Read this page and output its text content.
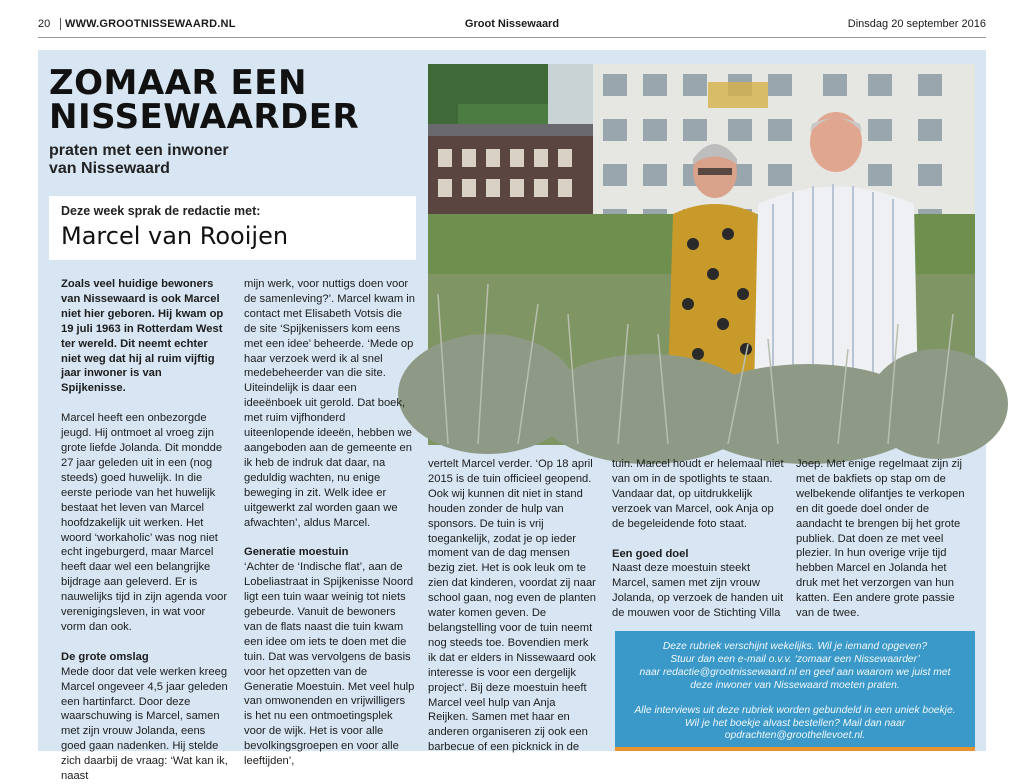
20	WWW.GROOTNISSEWAARD.NL	Groot Nissewaard	Dinsdag 20 september 2016
ZOMAAR EEN
NISSEWAARDER
praten met een inwoner
van Nissewaard
Deze week sprak de redactie met:
Marcel van Rooijen

Zoals veel huidige bewoners van Nissewaard is ook Marcel niet hier geboren. Hij kwam op 19 juli 1963 in Rotterdam West ter wereld. Dit neemt echter niet weg dat hij al ruim vijftig jaar inwoner is van Spijkenisse.

Marcel heeft een onbezorgde jeugd. Hij ontmoet al vroeg zijn grote liefde Jolanda. Dit mondde 27 jaar geleden uit in een (nog steeds) goed huwelijk. In die eerste periode van het huwelijk bestaat het leven van Marcel hoofdzakelijk uit werken. Het woord ‘workaholic’ was nog niet echt ingeburgerd, maar Marcel heeft daar wel een belangrijke bijdrage aan geleverd. Er is nauwelijks tijd in zijn agenda voor verenigingsleven, in wat voor vorm dan ook.

De grote omslag

Mede door dat vele werken kreeg Marcel ongeveer 4,5 jaar geleden een hartinfarct. Door deze waarschuwing is Marcel, samen met zijn vrouw Jolanda, eens goed gaan nadenken. Hij stelde zich daarbij de vraag: ‘Wat kan ik, naast

mijn werk, voor nuttigs doen voor de samenleving?’. Marcel kwam in contact met Elisabeth Votsis die de site ‘Spijkenissers kom eens met een idee’ beheerde. ‘Mede op haar verzoek werd ik al snel medebeheerder van die site. Uiteindelijk is daar een ideeënboek uit gerold. Dat boek, met ruim vijfhonderd uiteenlopende ideeën, hebben we aangeboden aan de gemeente en ik heb de indruk dat daar, na geduldig wachten, nu enige beweging in zit. Welk idee er uitgewerkt zal worden gaan we afwachten’, aldus Marcel.

Generatie moestuin

‘Achter de ‘Indische flat’, aan de Lobeliastraat in Spijkenisse Noord ligt een tuin waar weinig tot niets gebeurde. Vanuit de bewoners van de flats naast die tuin kwam een idee om iets te doen met die tuin. Dat was vervolgens de basis voor het opzetten van de Generatie Moestuin. Met veel hulp van omwonenden en vrijwilligers is het nu een ontmoetingsplek voor de wijk. Het is voor alle bevolkingsgroepen en voor alle leeftijden’,

vertelt Marcel verder. ‘Op 18 april 2015 is de tuin officieel geopend. Ook wij kunnen dit niet in stand houden zonder de hulp van sponsors. De tuin is vrij toegankelijk, zodat je op ieder moment van de dag mensen bezig ziet. Het is ook leuk om te zien dat kinderen, voordat zij naar school gaan, nog even de planten water komen geven. De belangstelling voor de tuin neemt nog steeds toe. Bovendien merk ik dat er elders in Nissewaard ook interesse is voor een dergelijk project’. Bij deze moestuin heeft Marcel veel hulp van Anja Reijken. Samen met haar en anderen organiseren zij ook een barbecue of een picknick in de

tuin. Marcel houdt er helemaal niet van om in de spotlights te staan. Vandaar dat, op uitdrukkelijk verzoek van Marcel, ook Anja op de begeleidende foto staat.

Een goed doel

Naast deze moestuin steekt Marcel, samen met zijn vrouw Jolanda, op verzoek de handen uit de mouwen voor de Stichting Villa

Joep. Met enige regelmaat zijn zij met de bakfiets op stap om de welbekende olifantjes te verkopen en dit goede doel onder de aandacht te brengen bij het grote publiek. Dat doen ze met veel plezier. In hun overige vrije tijd hebben Marcel en Jolanda het druk met het verzorgen van hun katten. Een andere grote passie van de twee.

Deze rubriek verschijnt wekelijks. Wil je iemand opgeven?
Stuur dan een e-mail o.v.v. ‘zomaar een Nissewaarder’
naar redactie@grootnissewaard.nl en geef aan waarom we juist met
deze inwoner van Nissewaard moeten praten.
Alle interviews uit deze rubriek worden gebundeld in een uniek boekje.
Wil je het boekje alvast bestellen? Mail dan naar opdrachten@groothellevoet.nl.
